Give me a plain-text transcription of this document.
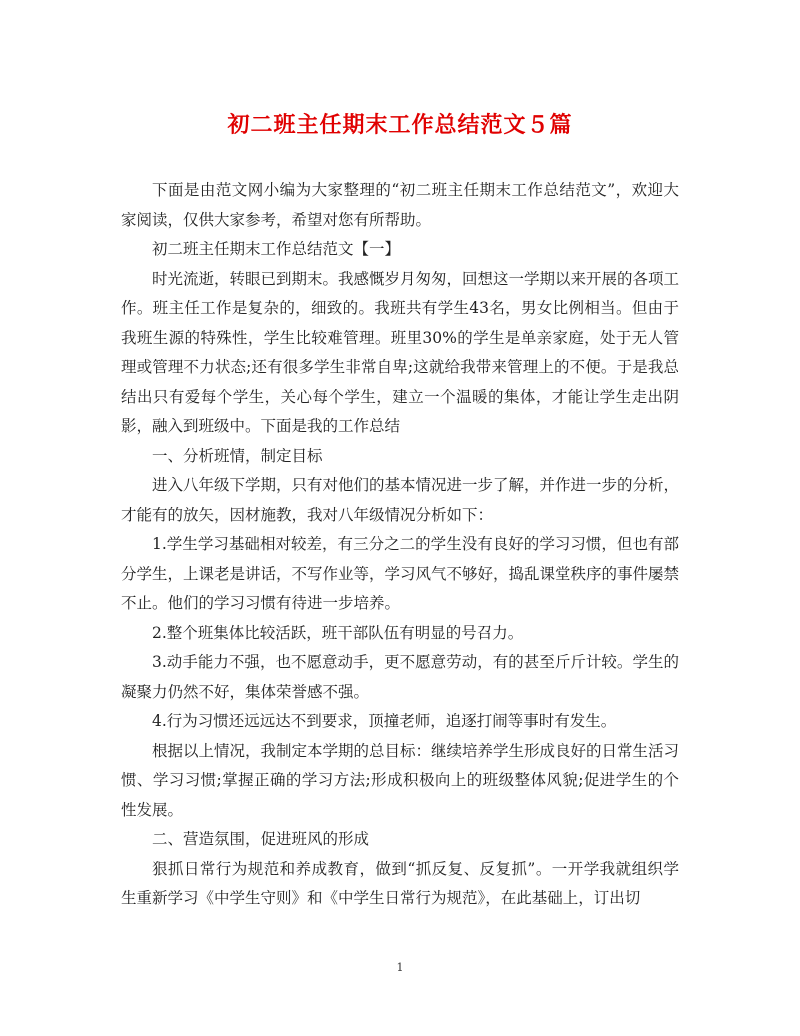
初二班主任期末工作总结范文５篇

下面是由范文网小编为大家整理的“初二班主任期末工作总结范文”，欢迎大家阅读，仅供大家参考，希望对您有所帮助。

初二班主任期末工作总结范文【一】

时光流逝，转眼已到期末。我感慨岁月匆匆，回想这一学期以来开展的各项工作。班主任工作是复杂的，细致的。我班共有学生43名，男女比例相当。但由于我班生源的特殊性，学生比较难管理。班里30%的学生是单亲家庭，处于无人管理或管理不力状态;还有很多学生非常自卑;这就给我带来管理上的不便。于是我总结出只有爱每个学生，关心每个学生，建立一个温暖的集体，才能让学生走出阴影，融入到班级中。下面是我的工作总结

一、分析班情，制定目标

进入八年级下学期，只有对他们的基本情况进一步了解，并作进一步的分析，才能有的放矢，因材施教，我对八年级情况分析如下：

1.学生学习基础相对较差，有三分之二的学生没有良好的学习习惯，但也有部分学生，上课老是讲话，不写作业等，学习风气不够好，捣乱课堂秩序的事件屡禁不止。他们的学习习惯有待进一步培养。

2.整个班集体比较活跃，班干部队伍有明显的号召力。

3.动手能力不强，也不愿意动手，更不愿意劳动，有的甚至斤斤计较。学生的凝聚力仍然不好，集体荣誉感不强。

4.行为习惯还远远达不到要求，顶撞老师，追逐打闹等事时有发生。

根据以上情况，我制定本学期的总目标：继续培养学生形成良好的日常生活习惯、学习习惯;掌握正确的学习方法;形成积极向上的班级整体风貌;促进学生的个性发展。

二、营造氛围，促进班风的形成

狠抓日常行为规范和养成教育，做到“抓反复、反复抓”。一开学我就组织学生重新学习《中学生守则》和《中学生日常行为规范》，在此基础上，订出切

1
